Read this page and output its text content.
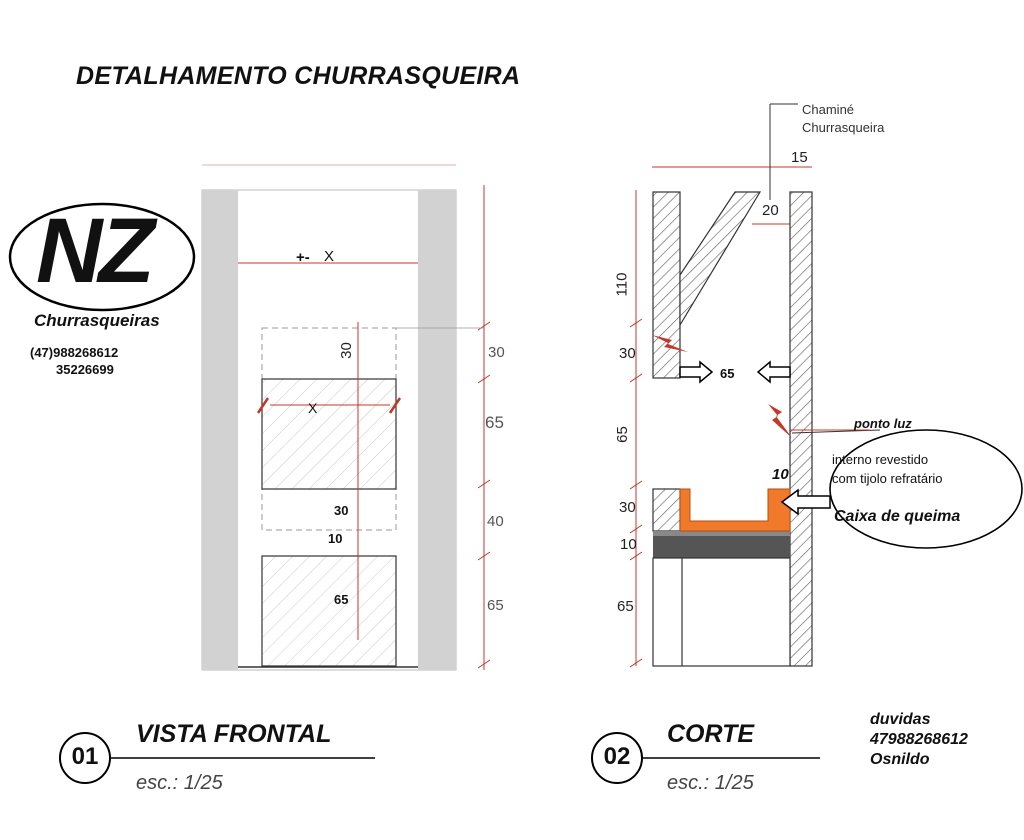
DETALHAMENTO CHURRASQUEIRA
NZ
Churrasqueiras
(47)988268612
35226699
+- X
X
30
30
10
65
30
65
40
65
Chaminé
Churrasqueira
15
20
110
30
65
30
10
65
65
10
ponto luz
interno revestido
com tijolo refratário
Caixa de queima
01
VISTA FRONTAL
esc.: 1/25
02
CORTE
esc.: 1/25
duvidas
47988268612
Osnildo
